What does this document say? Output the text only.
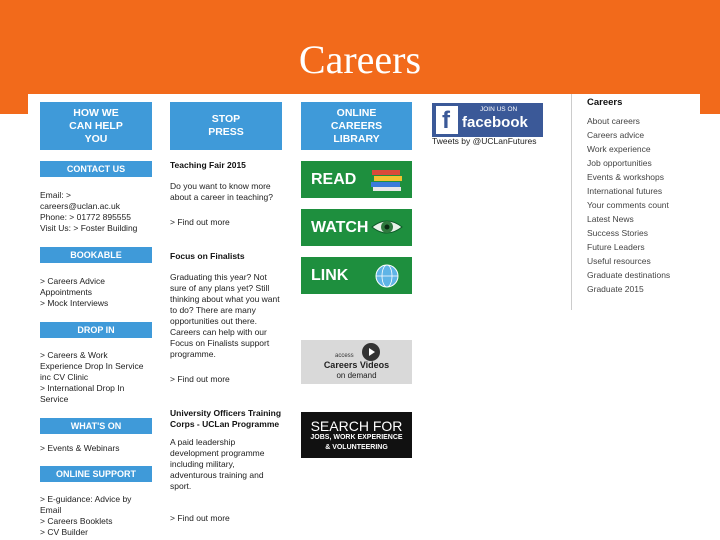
Careers
HOW WE
CAN HELP
YOU
STOP
PRESS
ONLINE
CAREERS
LIBRARY
CONTACT US
Email: >
careers@uclan.ac.uk
Phone: > 01772 895555
Visit Us: > Foster Building
BOOKABLE
> Careers Advice
Appointments
> Mock Interviews
DROP IN
> Careers & Work
Experience Drop In Service
inc CV Clinic
> International Drop In
Service
WHAT'S ON
> Events & Webinars
ONLINE SUPPORT
> E-guidance: Advice by
Email
> Careers Booklets
> CV Builder
Teaching Fair 2015
Do you want to know more
about a career in teaching?
> Find out more
Focus on Finalists
Graduating this year? Not
sure of any plans yet? Still
thinking about what you want
to do? There are many
opportunities out there.
Careers can help with our
Focus on Finalists support
programme.
> Find out more
University Officers Training
Corps - UCLan Programme
A paid leadership
development programme
including military,
adventurous training and
sport.
> Find out more
READ
WATCH
LINK
access
Careers Videos
on demand
SEARCH FOR
JOBS, WORK EXPERIENCE
& VOLUNTEERING
f	JOIN US ON
facebook
Tweets by @UCLanFutures
Careers
About careers
Careers advice
Work experience
Job opportunities
Events & workshops
International futures
Your comments count
Latest News
Success Stories
Future Leaders
Useful resources
Graduate destinations
Graduate 2015
